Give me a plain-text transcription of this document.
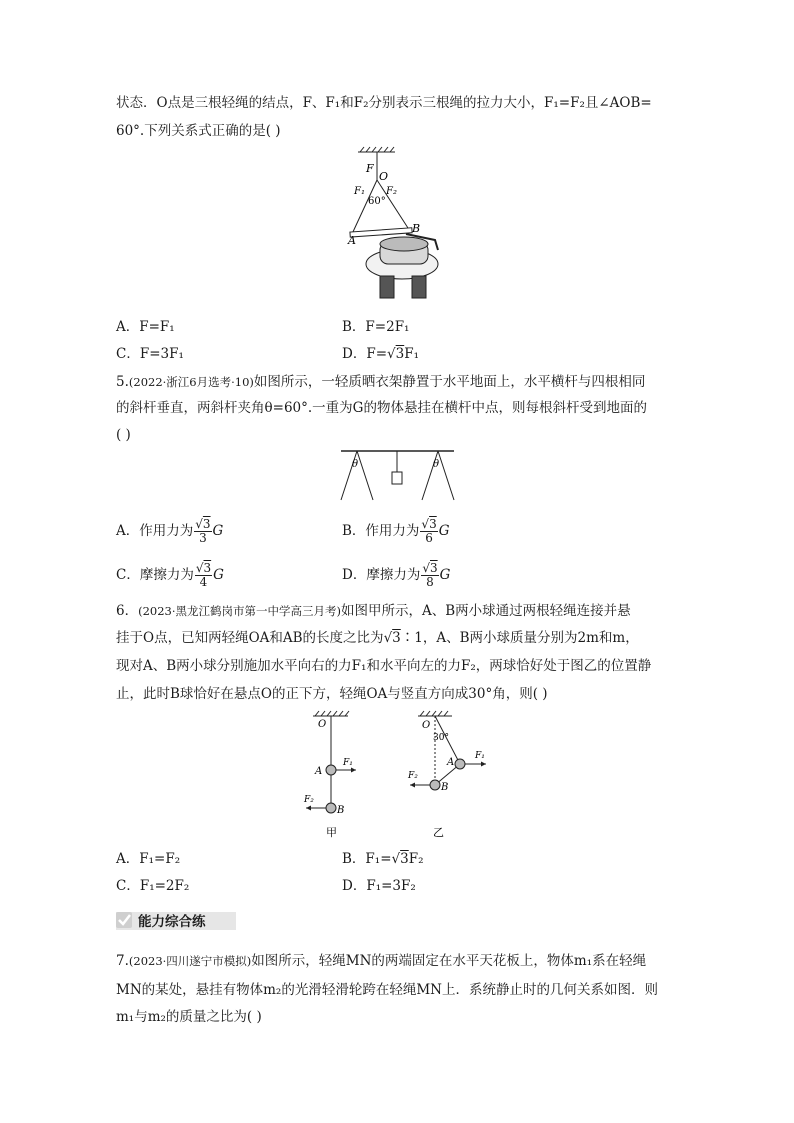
状态．O点是三根轻绳的结点，F、F₁和F₂分别表示三根绳的拉力大小，F₁=F₂且∠AOB=
60°.下列关系式正确的是( )
F
O
F₁ F₂
60°
A
B
A．F=F₁	B．F=2F₁
C．F=3F₁	D．F=√3F₁
5.(2022·浙江6月选考·10)如图所示，一轻质晒衣架静置于水平地面上，水平横杆与四根相同
的斜杆垂直，两斜杆夹角θ=60°.一重为G的物体悬挂在横杆中点，则每根斜杆受到地面的
( )
θ	θ
A．作用力为 $\frac{√3}{3}$ G	B．作用力为 $\frac{√3}{6}$ G
C．摩擦力为 $\frac{√3}{4}$ G	D．摩擦力为 $\frac{√3}{8}$ G
6．(2023·黑龙江鹤岗市第一中学高三月考)如图甲所示，A、B两小球通过两根轻绳连接并悬
挂于O点，已知两轻绳OA和AB的长度之比为√3∶1，A、B两小球质量分别为2m和m，
现对A、B两小球分别施加水平向右的力F₁和水平向左的力F₂，两球恰好处于图乙的位置静
止，此时B球恰好在悬点O的正下方，轻绳OA与竖直方向成30°角，则( )
O
A
F₁
F₂
B
甲
O
30°
A
F₁
F₂
B
乙
A．F₁=F₂	B．F₁=√3F₂
C．F₁=2F₂	D．F₁=3F₂
能力综合练
7.(2023·四川遂宁市模拟)如图所示，轻绳MN的两端固定在水平天花板上，物体m₁系在轻绳
MN的某处，悬挂有物体m₂的光滑轻滑轮跨在轻绳MN上．系统静止时的几何关系如图．则
m₁与m₂的质量之比为( )
